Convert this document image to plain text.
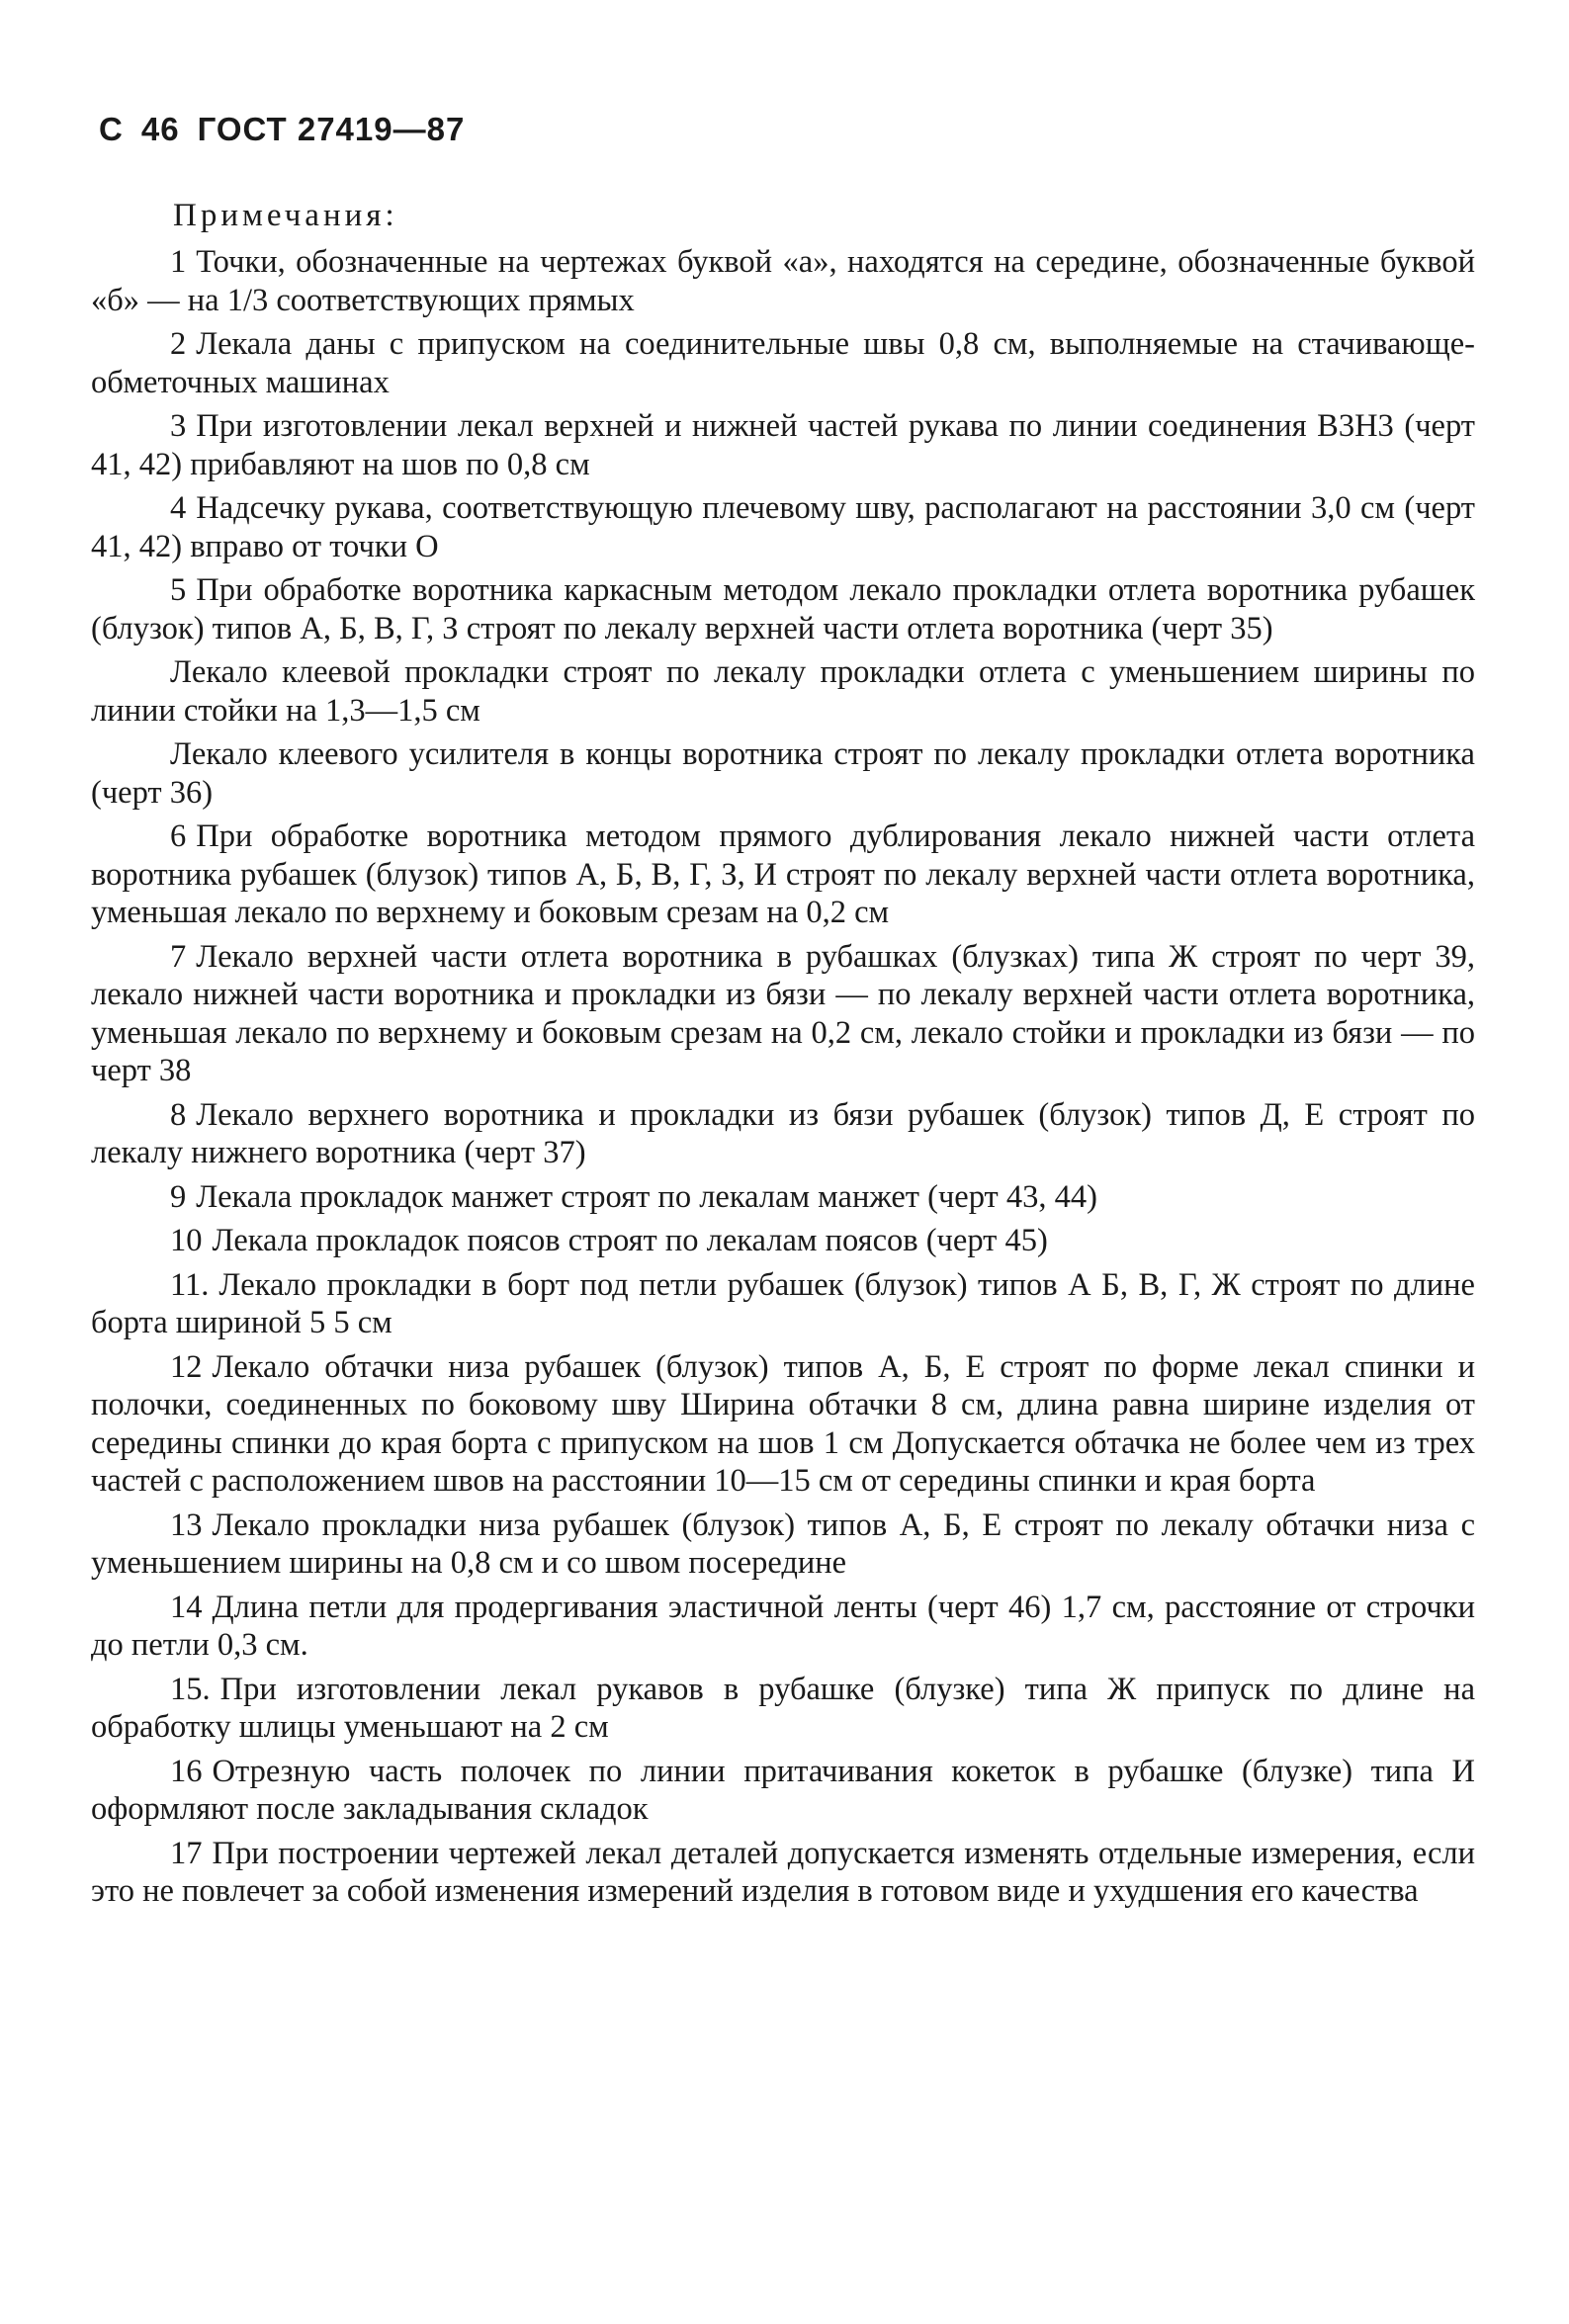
С 46 ГОСТ 27419—87
Примечания:

1 Точки, обозначенные на чертежах буквой «а», находятся на середине, обозначенные буквой «б» — на 1/3 соответствующих прямых

2 Лекала даны с припуском на соединительные швы 0,8 см, выполняемые на стачивающе-обметочных машинах

3 При изготовлении лекал верхней и нижней частей рукава по линии соединения В3Н3 (черт 41, 42) прибавляют на шов по 0,8 см

4 Надсечку рукава, соответствующую плечевому шву, располагают на расстоянии 3,0 см (черт 41, 42) вправо от точки О

5 При обработке воротника каркасным методом лекало прокладки отлета воротника рубашек (блузок) типов А, Б, В, Г, З строят по лекалу верхней части отлета воротника (черт 35)

Лекало клеевой прокладки строят по лекалу прокладки отлета с уменьшением ширины по линии стойки на 1,3—1,5 см

Лекало клеевого усилителя в концы воротника строят по лекалу прокладки отлета воротника (черт 36)

6 При обработке воротника методом прямого дублирования лекало нижней части отлета воротника рубашек (блузок) типов А, Б, В, Г, З, И строят по лекалу верхней части отлета воротника, уменьшая лекало по верхнему и боковым срезам на 0,2 см

7 Лекало верхней части отлета воротника в рубашках (блузках) типа Ж строят по черт 39, лекало нижней части воротника и прокладки из бязи — по лекалу верхней части отлета воротника, уменьшая лекало по верхнему и боковым срезам на 0,2 см, лекало стойки и прокладки из бязи — по черт 38

8 Лекало верхнего воротника и прокладки из бязи рубашек (блузок) типов Д, Е строят по лекалу нижнего воротника (черт 37)

9 Лекала прокладок манжет строят по лекалам манжет (черт 43, 44)

10 Лекала прокладок поясов строят по лекалам поясов (черт 45)

11. Лекало прокладки в борт под петли рубашек (блузок) типов А Б, В, Г, Ж строят по длине борта шириной 5 5 см

12 Лекало обтачки низа рубашек (блузок) типов А, Б, Е строят по форме лекал спинки и полочки, соединенных по боковому шву Ширина обтачки 8 см, длина равна ширине изделия от середины спинки до края борта с припуском на шов 1 см Допускается обтачка не более чем из трех частей с расположением швов на расстоянии 10—15 см от середины спинки и края борта

13 Лекало прокладки низа рубашек (блузок) типов А, Б, Е строят по лекалу обтачки низа с уменьшением ширины на 0,8 см и со швом посередине

14 Длина петли для продергивания эластичной ленты (черт 46) 1,7 см, расстояние от строчки до петли 0,3 см.

15. При изготовлении лекал рукавов в рубашке (блузке) типа Ж припуск по длине на обработку шлицы уменьшают на 2 см

16 Отрезную часть полочек по линии притачивания кокеток в рубашке (блузке) типа И оформляют после закладывания складок

17 При построении чертежей лекал деталей допускается изменять отдельные измерения, если это не повлечет за собой изменения измерений изделия в готовом виде и ухудшения его качества
